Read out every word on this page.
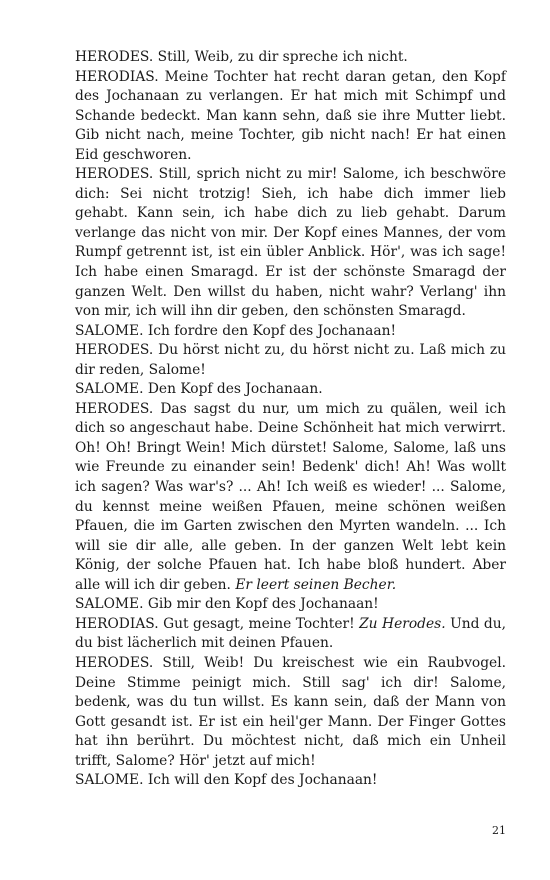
HERODES. Still, Weib, zu dir spreche ich nicht.

HERODIAS. Meine Tochter hat recht daran getan, den Kopf des Jochanaan zu verlangen. Er hat mich mit Schimpf und Schande bedeckt. Man kann sehn, daß sie ihre Mutter liebt. Gib nicht nach, meine Tochter, gib nicht nach! Er hat einen Eid geschworen.

HERODES. Still, sprich nicht zu mir! Salome, ich beschwöre dich: Sei nicht trotzig! Sieh, ich habe dich immer lieb gehabt. Kann sein, ich habe dich zu lieb gehabt. Darum verlange das nicht von mir. Der Kopf eines Mannes, der vom Rumpf getrennt ist, ist ein übler Anblick. Hör', was ich sage! Ich habe einen Smaragd. Er ist der schönste Smaragd der ganzen Welt. Den willst du haben, nicht wahr? Verlang' ihn von mir, ich will ihn dir geben, den schönsten Smaragd.

SALOME. Ich fordre den Kopf des Jochanaan!

HERODES. Du hörst nicht zu, du hörst nicht zu. Laß mich zu dir reden, Salome!

SALOME. Den Kopf des Jochanaan.

HERODES. Das sagst du nur, um mich zu quälen, weil ich dich so angeschaut habe. Deine Schönheit hat mich verwirrt. Oh! Oh! Bringt Wein! Mich dürstet! Salome, Salome, laß uns wie Freunde zu einander sein! Bedenk' dich! Ah! Was wollt ich sagen? Was war's? ... Ah! Ich weiß es wieder! ... Salome, du kennst meine weißen Pfauen, meine schönen weißen Pfauen, die im Garten zwischen den Myrten wandeln. ... Ich will sie dir alle, alle geben. In der ganzen Welt lebt kein König, der solche Pfauen hat. Ich habe bloß hundert. Aber alle will ich dir geben. Er leert seinen Becher.

SALOME. Gib mir den Kopf des Jochanaan!

HERODIAS. Gut gesagt, meine Tochter! Zu Herodes. Und du, du bist lächerlich mit deinen Pfauen.

HERODES. Still, Weib! Du kreischest wie ein Raubvogel. Deine Stimme peinigt mich. Still sag' ich dir! Salome, bedenk, was du tun willst. Es kann sein, daß der Mann von Gott gesandt ist. Er ist ein heil'ger Mann. Der Finger Gottes hat ihn berührt. Du möchtest nicht, daß mich ein Unheil trifft, Salome? Hör' jetzt auf mich!

SALOME. Ich will den Kopf des Jochanaan!

21
